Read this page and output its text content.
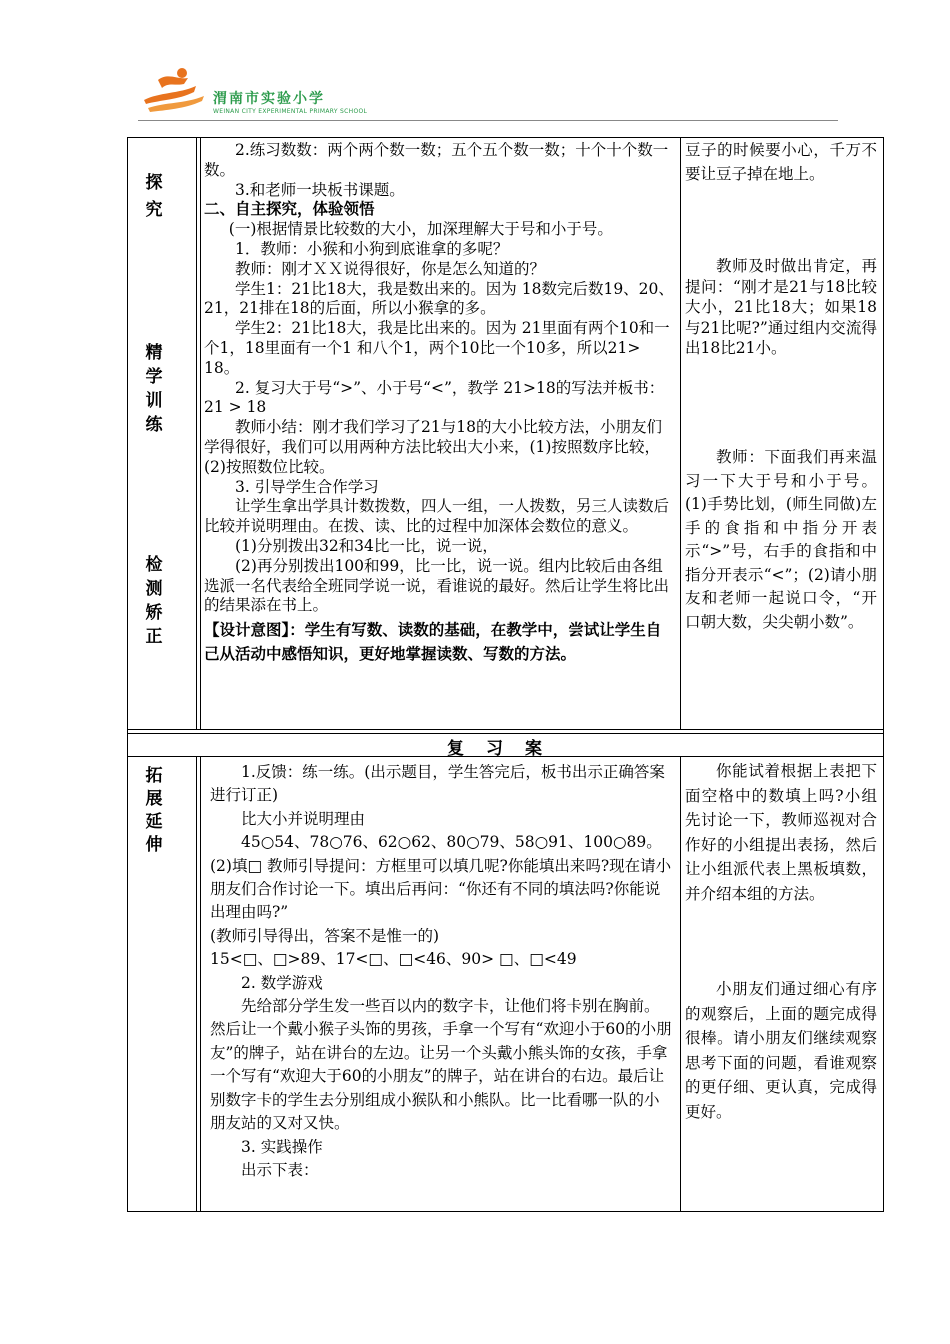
渭南市实验小学
WEINAN CITY EXPERIMENTAL PRIMARY SCHOOL
探
究
精
学
训
练
检
测
矫
正

2.练习数数：两个两个数一数；五个五个数一数；十个十个数一数。

3.和老师一块板书课题。

二、自主探究，体验领悟

(一)根据情景比较数的大小，加深理解大于号和小于号。

1．教师：小猴和小狗到底谁拿的多呢？

教师：刚才ＸＸ说得很好，你是怎么知道的？

学生1：21比18大，我是数出来的。因为 18数完后数19、20、21，21排在18的后面，所以小猴拿的多。

学生2：21比18大，我是比出来的。因为 21里面有两个10和一个1，18里面有一个1 和八个1，两个10比一个10多，所以21> 18。

2. 复习大于号“>”、小于号“<”，教学 21>18的写法并板书： 21 > 18

教师小结：刚才我们学习了21与18的大小比较方法，小朋友们学得很好，我们可以用两种方法比较出大小来，(1)按照数序比较，(2)按照数位比较。

3. 引导学生合作学习

让学生拿出学具计数拨数，四人一组，一人拨数，另三人读数后比较并说明理由。在拨、读、比的过程中加深体会数位的意义。

(1)分别拨出32和34比一比，说一说，

(2)再分别拨出100和99，比一比，说一说。组内比较后由各组选派一名代表给全班同学说一说，看谁说的最好。然后让学生将比出的结果添在书上。

【设计意图】：学生有写数、读数的基础，在教学中，尝试让学生自己从活动中感悟知识，更好地掌握读数、写数的方法。

豆子的时候要小心，千万不要让豆子掉在地上。

教师及时做出肯定，再提问：“刚才是21与18比较大小，21比18大；如果18与21比呢?”通过组内交流得出18比21小。

教师：下面我们再来温习一下大于号和小于号。(1)手势比划，(师生同做)左手的食指和中指分开表示“>”号，右手的食指和中指分开表示“<”；(2)请小朋友和老师一起说口令，“开口朝大数，尖尖朝小数”。

复习案
拓
展
延
伸

1.反馈：练一练。(出示题目，学生答完后，板书出示正确答案进行订正)

比大小并说明理由

45○54、78○76、62○62、80○79、58○91、100○89。(2)填□ 教师引导提问：方框里可以填几呢?你能填出来吗?现在请小朋友们合作讨论一下。填出后再问：“你还有不同的填法吗?你能说出理由吗?”

(教师引导得出，答案不是惟一的)

15<□、□>89、17<□、□<46、90> □、□<49

2. 数学游戏

先给部分学生发一些百以内的数字卡，让他们将卡别在胸前。然后让一个戴小猴子头饰的男孩，手拿一个写有“欢迎小于60的小朋友”的牌子，站在讲台的左边。让另一个头戴小熊头饰的女孩，手拿一个写有“欢迎大于60的小朋友”的牌子，站在讲台的右边。最后让别数字卡的学生去分别组成小猴队和小熊队。比一比看哪一队的小朋友站的又对又快。

3. 实践操作

出示下表：

你能试着根据上表把下面空格中的数填上吗?小组先讨论一下，教师巡视对合作好的小组提出表扬，然后让小组派代表上黑板填数，并介绍本组的方法。

小朋友们通过细心有序的观察后，上面的题完成得很棒。请小朋友们继续观察思考下面的问题，看谁观察的更仔细、更认真，完成得更好。
